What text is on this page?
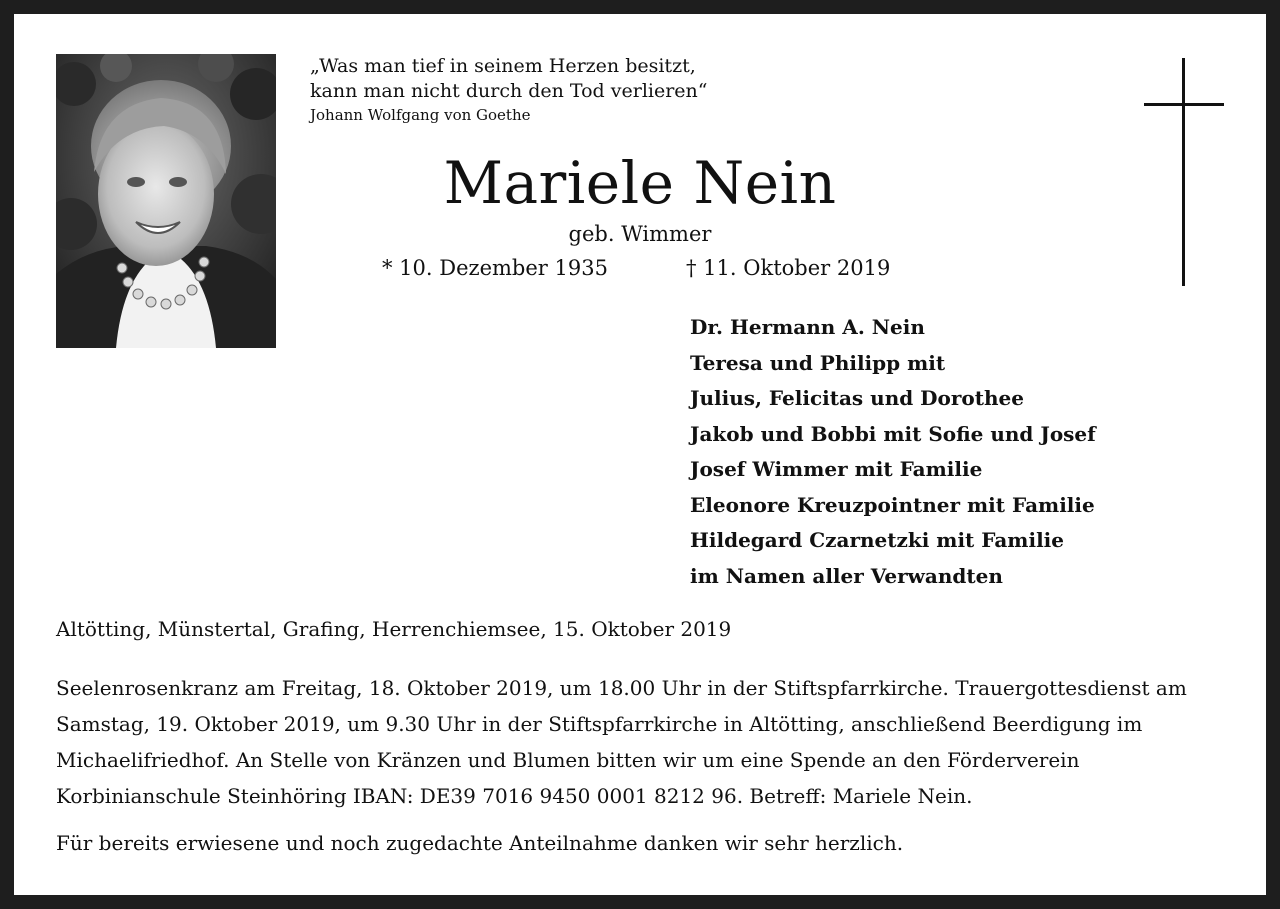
„Was man tief in seinem Herzen besitzt,
kann man nicht durch den Tod verlieren“
Johann Wolfgang von Goethe
Mariele Nein
geb. Wimmer
* 10. Dezember 1935	† 11. Oktober 2019
Dr. Hermann A. Nein
Teresa und Philipp mit
Julius, Felicitas und Dorothee
Jakob und Bobbi mit Sofie und Josef
Josef Wimmer mit Familie
Eleonore Kreuzpointner mit Familie
Hildegard Czarnetzki mit Familie
im Namen aller Verwandten
Altötting, Münstertal, Grafing, Herrenchiemsee, 15. Oktober 2019

Seelenrosenkranz am Freitag, 18. Oktober 2019, um 18.00 Uhr in der Stiftspfarrkirche. Trauergottesdienst am Samstag, 19. Oktober 2019, um 9.30 Uhr in der Stiftspfarrkirche in Altötting, anschließend Beerdigung im Michaelifriedhof. An Stelle von Kränzen und Blumen bitten wir um eine Spende an den Förderverein Korbinianschule Steinhöring IBAN: DE39 7016 9450 0001 8212 96. Betreff: Mariele Nein.

Für bereits erwiesene und noch zugedachte Anteilnahme danken wir sehr herzlich.
